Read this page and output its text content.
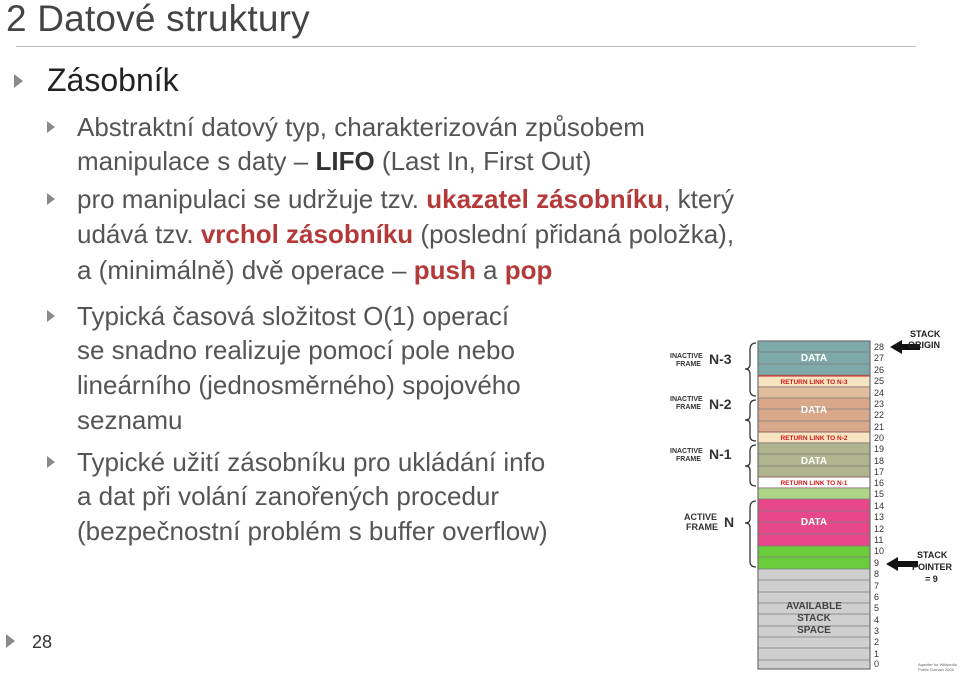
2 Datové struktury
Zásobník
Abstraktní datový typ, charakterizován způsobem
manipulace s daty – LIFO (Last In, First Out)
pro manipulaci se udržuje tzv. ukazatel zásobníku, který
udává tzv. vrchol zásobníku (poslední přidaná položka),
a (minimálně) dvě operace – push a pop
Typická časová složitost O(1) operací
se snadno realizuje pomocí pole nebo
lineárního (jednosměrného) spojového
seznamu
Typické užití zásobníku pro ukládání info
a dat při volání zanořených procedur
(bezpečnostní problém s buffer overflow)
28
DATA
RETURN LINK TO N-3
DATA
RETURN LINK TO N-2
DATA
RETURN LINK TO N-1
DATA
AVAILABLE
STACK
SPACE
INACTIVE
FRAME N-3
INACTIVE
FRAME N-2
INACTIVE
FRAME N-1
ACTIVE
FRAME N
28
27
26
25
24
23
22
21
20
19
18
17
16
15
14
13
12
11
10
9
8
7
6
5
4
3
2
1
0
STACK
ORIGIN
STACK
POINTER
= 9
Agaxifer for Wikipedia
Public Domain 2006
